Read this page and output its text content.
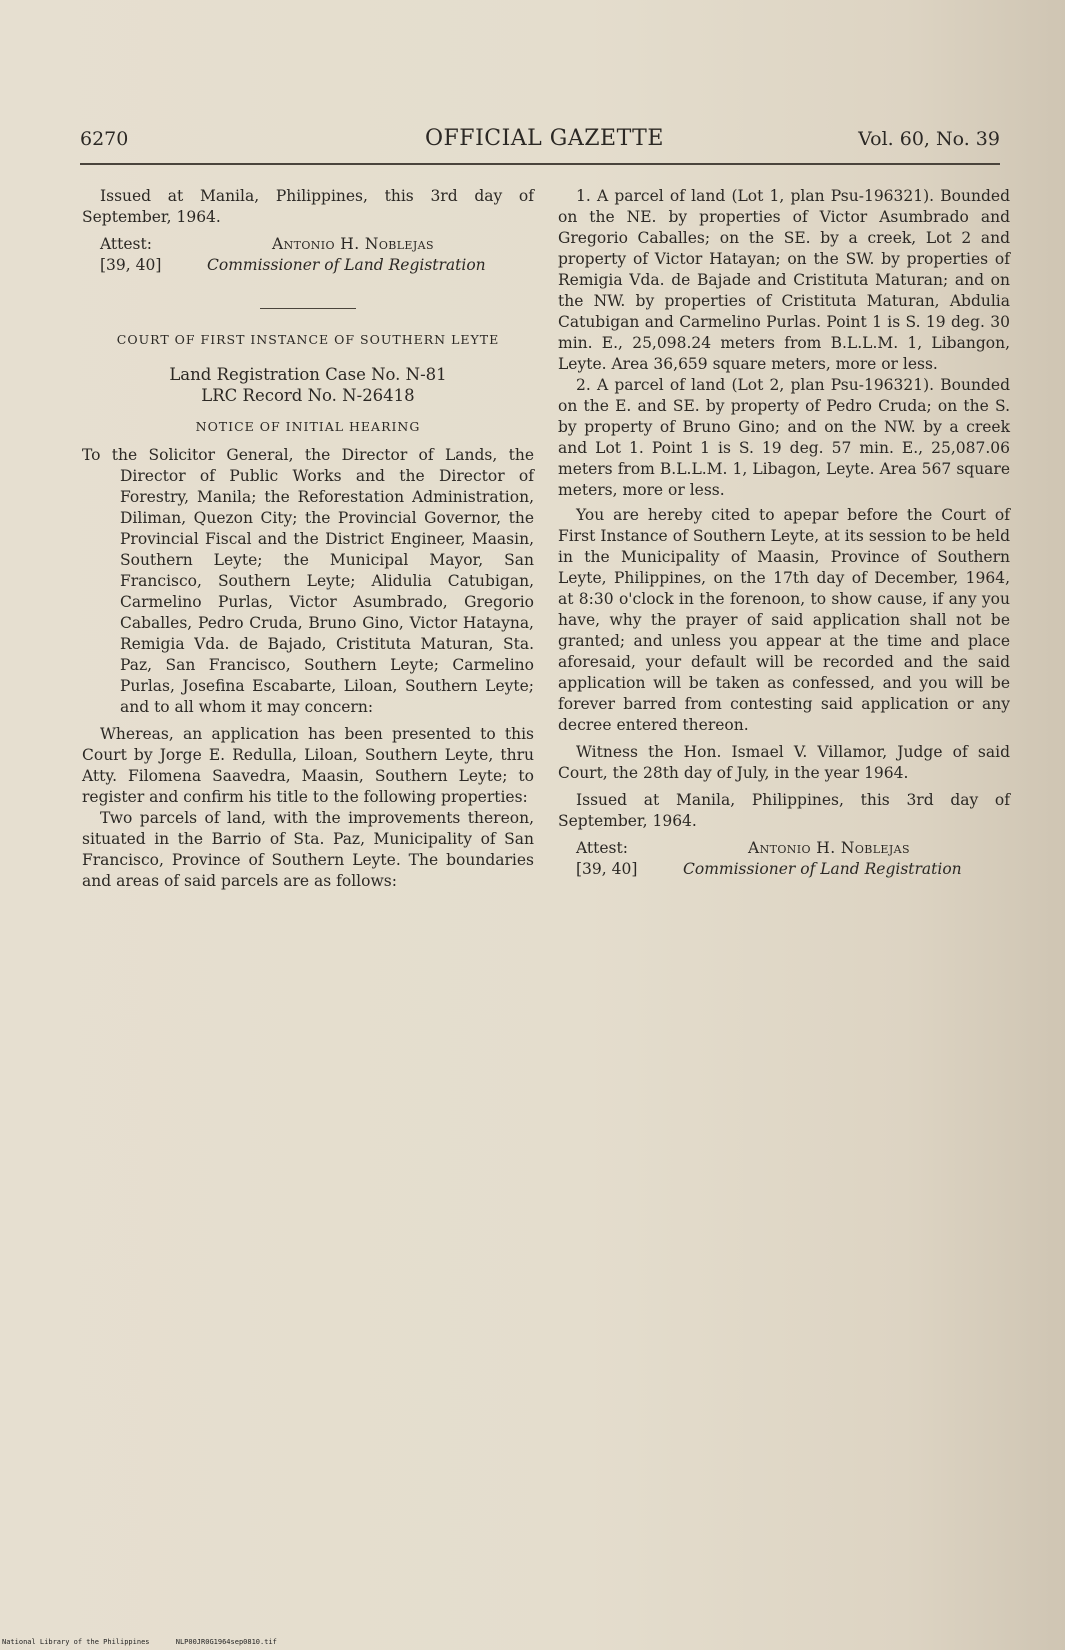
6270	OFFICIAL GAZETTE	Vol. 60, No. 39

Issued at Manila, Philippines, this 3rd day of September, 1964.

Attest:
[39, 40]
Antonio H. Noblejas
Commissioner of Land Registration

COURT OF FIRST INSTANCE OF SOUTHERN LEYTE

Land Registration Case No. N-81

LRC Record No. N-26418

NOTICE OF INITIAL HEARING

To the Solicitor General, the Director of Lands, the Director of Public Works and the Director of Forestry, Manila; the Reforestation Administration, Diliman, Quezon City; the Provincial Governor, the Provincial Fiscal and the District Engineer, Maasin, Southern Leyte; the Municipal Mayor, San Francisco, Southern Leyte; Alidulia Catubigan, Carmelino Purlas, Victor Asumbrado, Gregorio Caballes, Pedro Cruda, Bruno Gino, Victor Hatayna, Remigia Vda. de Bajado, Cristituta Maturan, Sta. Paz, San Francisco, Southern Leyte; Carmelino Purlas, Josefina Escabarte, Liloan, Southern Leyte; and to all whom it may concern:

Whereas, an application has been presented to this Court by Jorge E. Redulla, Liloan, Southern Leyte, thru Atty. Filomena Saavedra, Maasin, Southern Leyte; to register and confirm his title to the following properties:

Two parcels of land, with the improvements thereon, situated in the Barrio of Sta. Paz, Municipality of San Francisco, Province of Southern Leyte. The boundaries and areas of said parcels are as follows:

1. A parcel of land (Lot 1, plan Psu-196321). Bounded on the NE. by properties of Victor Asumbrado and Gregorio Caballes; on the SE. by a creek, Lot 2 and property of Victor Hatayan; on the SW. by properties of Remigia Vda. de Bajade and Cristituta Maturan; and on the NW. by properties of Cristituta Maturan, Abdulia Catubigan and Carmelino Purlas. Point 1 is S. 19 deg. 30 min. E., 25,098.24 meters from B.L.L.M. 1, Libangon, Leyte. Area 36,659 square meters, more or less.

2. A parcel of land (Lot 2, plan Psu-196321). Bounded on the E. and SE. by property of Pedro Cruda; on the S. by property of Bruno Gino; and on the NW. by a creek and Lot 1. Point 1 is S. 19 deg. 57 min. E., 25,087.06 meters from B.L.L.M. 1, Libagon, Leyte. Area 567 square meters, more or less.

You are hereby cited to apepar before the Court of First Instance of Southern Leyte, at its session to be held in the Municipality of Maasin, Province of Southern Leyte, Philippines, on the 17th day of December, 1964, at 8:30 o'clock in the forenoon, to show cause, if any you have, why the prayer of said application shall not be granted; and unless you appear at the time and place aforesaid, your default will be recorded and the said application will be taken as confessed, and you will be forever barred from contesting said application or any decree entered thereon.

Witness the Hon. Ismael V. Villamor, Judge of said Court, the 28th day of July, in the year 1964.

Issued at Manila, Philippines, this 3rd day of September, 1964.

Attest:
[39, 40]
Antonio H. Noblejas
Commissioner of Land Registration
National Library of the Philippines	NLP00JR0G1964sep0810.tif
